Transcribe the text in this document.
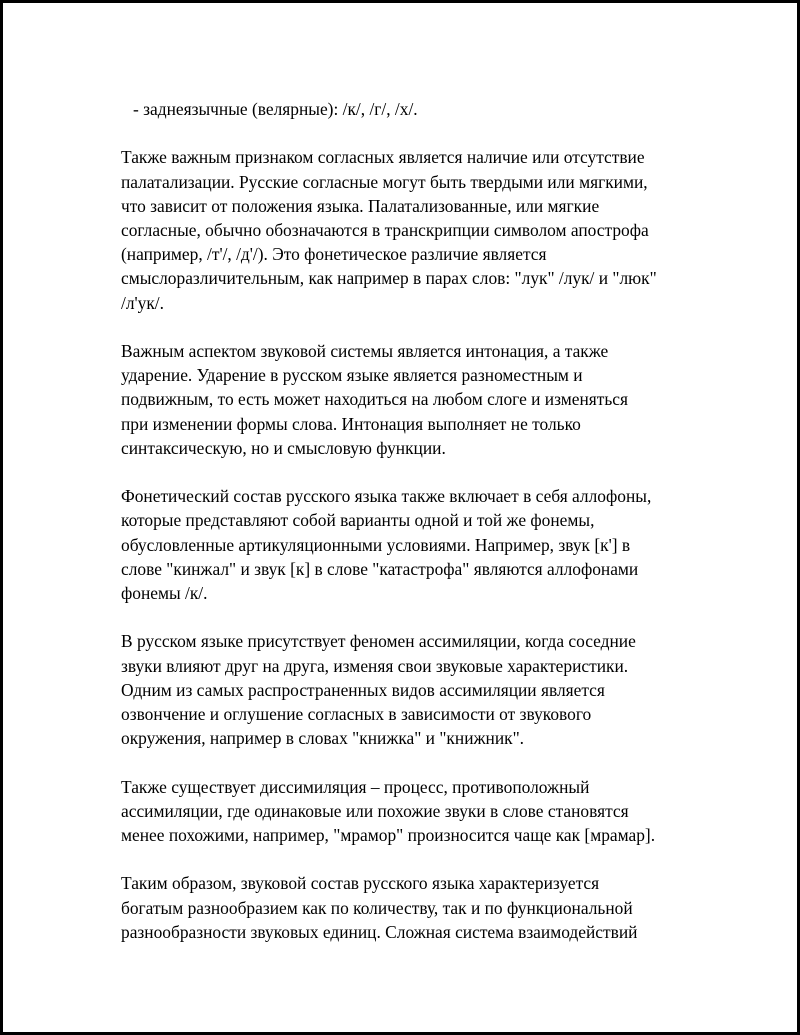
- заднеязычные (велярные): /к/, /г/, /х/.

Также важным признаком согласных является наличие или отсутствие
палатализации. Русские согласные могут быть твердыми или мягкими,
что зависит от положения языка. Палатализованные, или мягкие
согласные, обычно обозначаются в транскрипции символом апострофа
(например, /т'/, /д'/). Это фонетическое различие является
смыслоразличительным, как например в парах слов: "лук" /лук/ и "люк"
/л'ук/.

Важным аспектом звуковой системы является интонация, а также
ударение. Ударение в русском языке является разноместным и
подвижным, то есть может находиться на любом слоге и изменяться
при изменении формы слова. Интонация выполняет не только
синтаксическую, но и смысловую функции.

Фонетический состав русского языка также включает в себя аллофоны,
которые представляют собой варианты одной и той же фонемы,
обусловленные артикуляционными условиями. Например, звук [к'] в
слове "кинжал" и звук [к] в слове "катастрофа" являются аллофонами
фонемы /к/.

В русском языке присутствует феномен ассимиляции, когда соседние
звуки влияют друг на друга, изменяя свои звуковые характеристики.
Одним из самых распространенных видов ассимиляции является
озвончение и оглушение согласных в зависимости от звукового
окружения, например в словах "книжка" и "книжник".

Также существует диссимиляция – процесс, противоположный
ассимиляции, где одинаковые или похожие звуки в слове становятся
менее похожими, например, "мрамор" произносится чаще как [мрамар].

Таким образом, звуковой состав русского языка характеризуется
богатым разнообразием как по количеству, так и по функциональной
разнообразности звуковых единиц. Сложная система взаимодействий
